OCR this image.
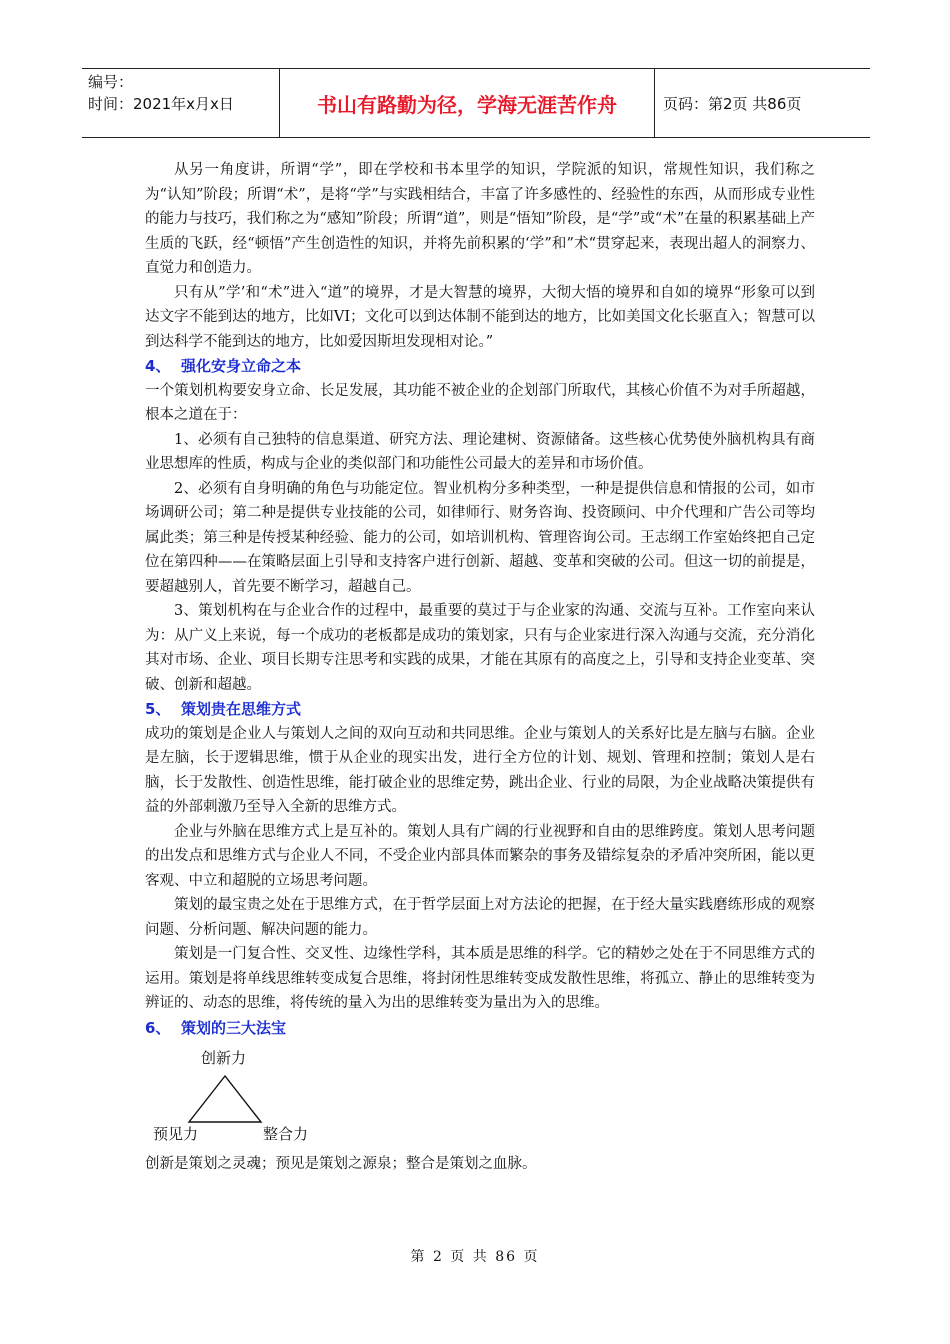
编号：
时间：2021年x月x日	书山有路勤为径，学海无涯苦作舟	页码：第2页 共86页

从另一角度讲，所谓“学”，即在学校和书本里学的知识，学院派的知识，常规性知识，我们称之为“认知”阶段；所谓“术”，是将“学”与实践相结合，丰富了许多感性的、经验性的东西，从而形成专业性的能力与技巧，我们称之为“感知”阶段；所谓“道”，则是“悟知”阶段，是“学”或“术”在量的积累基础上产生质的飞跃，经“顿悟”产生创造性的知识，并将先前积累的‘学”和”术“贯穿起来，表现出超人的洞察力、直觉力和创造力。

只有从”学’和“术”进入“道”的境界，才是大智慧的境界，大彻大悟的境界和自如的境界“形象可以到达文字不能到达的地方，比如VI；文化可以到达体制不能到达的地方，比如美国文化长驱直入；智慧可以到达科学不能到达的地方，比如爱因斯坦发现相对论。”

4、 强化安身立命之本

一个策划机构要安身立命、长足发展，其功能不被企业的企划部门所取代，其核心价值不为对手所超越，根本之道在于：

1、必须有自己独特的信息渠道、研究方法、理论建树、资源储备。这些核心优势使外脑机构具有商业思想库的性质，构成与企业的类似部门和功能性公司最大的差异和市场价值。

2、必须有自身明确的角色与功能定位。智业机构分多种类型，一种是提供信息和情报的公司，如市场调研公司；第二种是提供专业技能的公司，如律师行、财务咨询、投资顾问、中介代理和广告公司等均属此类；第三种是传授某种经验、能力的公司，如培训机构、管理咨询公司。王志纲工作室始终把自己定位在第四种——在策略层面上引导和支持客户进行创新、超越、变革和突破的公司。但这一切的前提是，要超越别人，首先要不断学习，超越自己。

3、策划机构在与企业合作的过程中，最重要的莫过于与企业家的沟通、交流与互补。工作室向来认为：从广义上来说，每一个成功的老板都是成功的策划家，只有与企业家进行深入沟通与交流，充分消化其对市场、企业、项目长期专注思考和实践的成果，才能在其原有的高度之上，引导和支持企业变革、突破、创新和超越。

5、 策划贵在思维方式

成功的策划是企业人与策划人之间的双向互动和共同思维。企业与策划人的关系好比是左脑与右脑。企业是左脑，长于逻辑思维，惯于从企业的现实出发，进行全方位的计划、规划、管理和控制；策划人是右脑，长于发散性、创造性思维，能打破企业的思维定势，跳出企业、行业的局限，为企业战略决策提供有益的外部刺激乃至导入全新的思维方式。

企业与外脑在思维方式上是互补的。策划人具有广阔的行业视野和自由的思维跨度。策划人思考问题的出发点和思维方式与企业人不同，不受企业内部具体而繁杂的事务及错综复杂的矛盾冲突所困，能以更客观、中立和超脱的立场思考问题。

策划的最宝贵之处在于思维方式，在于哲学层面上对方法论的把握，在于经大量实践磨练形成的观察问题、分析问题、解决问题的能力。

策划是一门复合性、交叉性、边缘性学科，其本质是思维的科学。它的精妙之处在于不同思维方式的运用。策划是将单线思维转变成复合思维，将封闭性思维转变成发散性思维，将孤立、静止的思维转变为辨证的、动态的思维，将传统的量入为出的思维转变为量出为入的思维。

6、 策划的三大法宝

创新力
预见力	整合力

创新是策划之灵魂；预见是策划之源泉；整合是策划之血脉。

第 2 页 共 86 页
